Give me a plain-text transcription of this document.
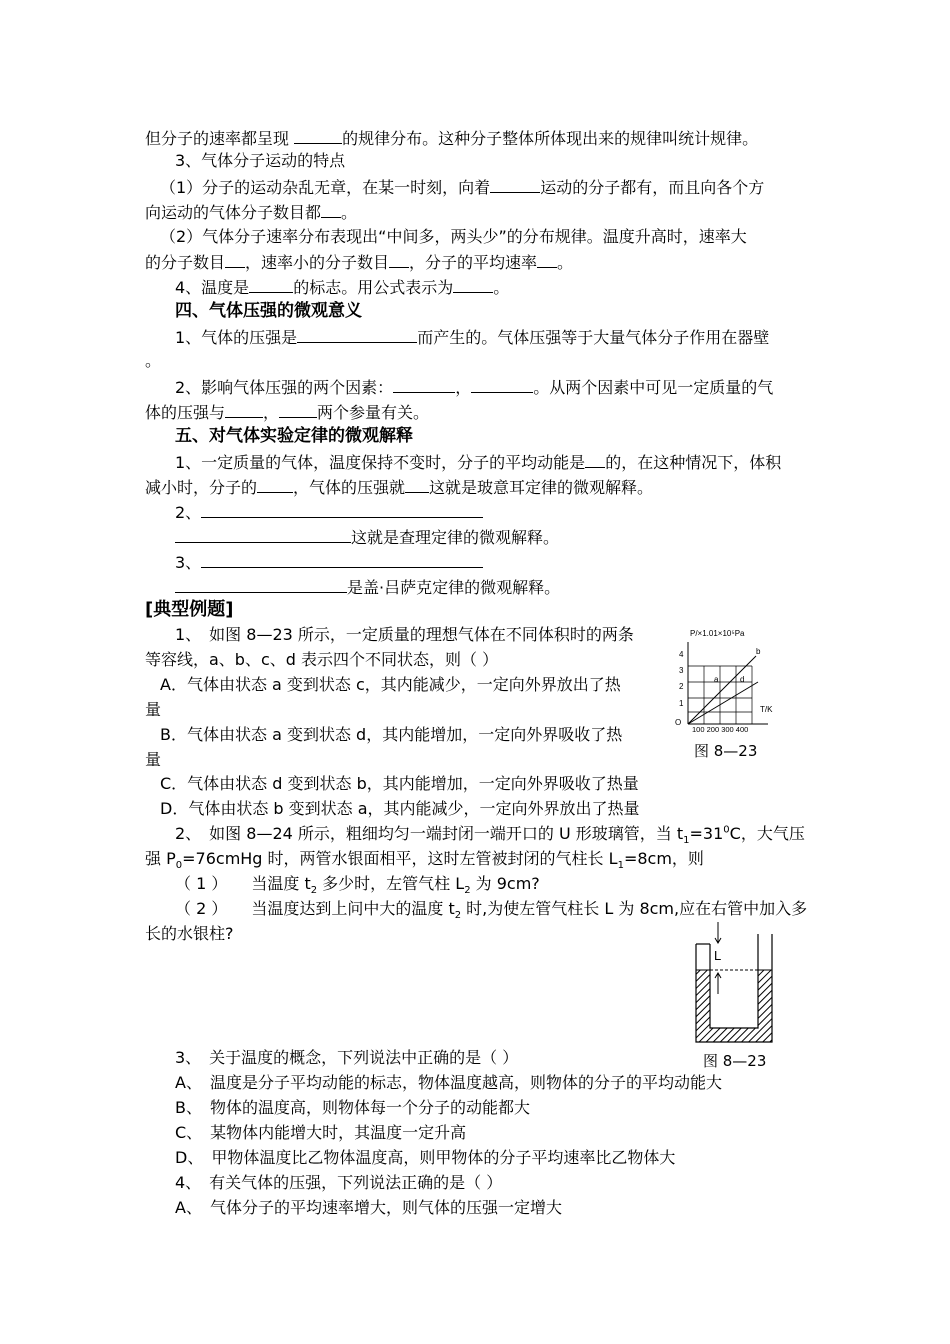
但分子的速率都呈现	的规律分布。这种分子整体所体现出来的规律叫统计规律。
3、气体分子运动的特点
（1）分子的运动杂乱无章，在某一时刻，向着	运动的分子都有，而且向各个方
向运动的气体分子数目都 。
（2）气体分子速率分布表现出“中间多，两头少”的分布规律。温度升高时，速率大
的分子数目 ，速率小的分子数目 ，分子的平均速率 。
4、温度是	的标志。用公式表示为	。
四、气体压强的微观意义
1、气体的压强是	而产生的。气体压强等于大量气体分子作用在器壁
。
2、影响气体压强的两个因素：	，	。从两个因素中可见一定质量的气
体的压强与 ， 两个参量有关。
五、对气体实验定律的微观解释
1、一定质量的气体，温度保持不变时，分子的平均动能是 的，在这种情况下，体积
减小时，分子的 ，气体的压强就 这就是玻意耳定律的微观解释。
2、
这就是查理定律的微观解释。
3、
是盖·吕萨克定律的微观解释。
[典型例题]
1、　如图 8—23 所示，一定质量的理想气体在不同体积时的两条
等容线，a、b、c、d 表示四个不同状态，则（ ）
A．气体由状态 a 变到状态 c，其内能减少，一定向外界放出了热
量
B．气体由状态 a 变到状态 d，其内能增加，一定向外界吸收了热
量
C．气体由状态 d 变到状态 b，其内能增加，一定向外界吸收了热量
D．气体由状态 b 变到状态 a，其内能减少，一定向外界放出了热量
P/×1.01×10⁵Pa
4
3
2
1
O
100 200 300 400
T/K
a
b
d
图 8—23
2、　如图 8—24 所示，粗细均匀一端封闭一端开口的 U 形玻璃管，当 $t_1=31^0C$，大气压
强 $P_0=76cmHg$ 时，两管水银面相平，这时左管被封闭的气柱长 $L_1=8cm$，则
（ 1 ）　　当温度 $t_2$ 多少时，左管气柱 $L_2$ 为 9cm?
（ 2 ）　　当温度达到上问中大的温度 $t_2$ 时,为使左管气柱长 L 为 8cm,应在右管中加入多
长的水银柱?
L
图 8—23
3、　关于温度的概念，下列说法中正确的是（ ）
A、　温度是分子平均动能的标志，物体温度越高，则物体的分子的平均动能大
B、　物体的温度高，则物体每一个分子的动能都大
C、　某物体内能增大时，其温度一定升高
D、　甲物体温度比乙物体温度高，则甲物体的分子平均速率比乙物体大
4、　有关气体的压强，下列说法正确的是（ ）
A、　气体分子的平均速率增大，则气体的压强一定增大
